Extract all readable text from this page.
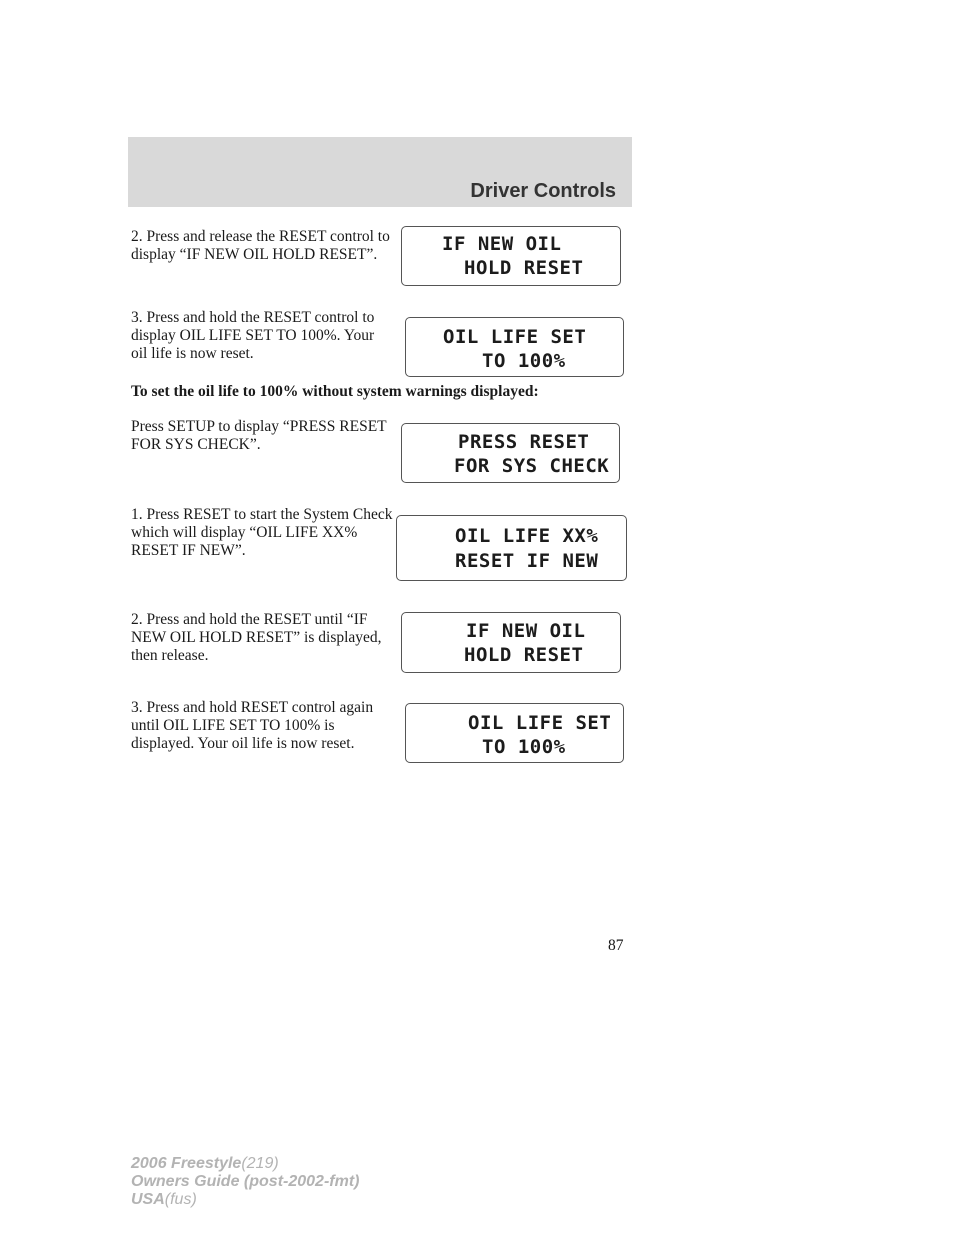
Driver Controls
2. Press and release the RESET control to display “IF NEW OIL HOLD RESET”.	IF NEW OIL
HOLD RESET
3. Press and hold the RESET control to display OIL LIFE SET TO 100%. Your oil life is now reset.
OIL LIFE SET
TO 100%
To set the oil life to 100% without system warnings displayed:
Press SETUP to display “PRESS RESET FOR SYS CHECK”.	PRESS RESET
FOR SYS CHECK
1. Press RESET to start the System Check which will display “OIL LIFE XX% RESET IF NEW”.
OIL LIFE XX%
RESET IF NEW
2. Press and hold the RESET until “IF NEW OIL HOLD RESET” is displayed, then release.
IF NEW OIL
HOLD RESET
3. Press and hold RESET control again until OIL LIFE SET TO 100% is displayed. Your oil life is now reset.
OIL LIFE SET
TO 100%
87
2006 Freestyle(219)
Owners Guide (post-2002-fmt)
USA(fus)
